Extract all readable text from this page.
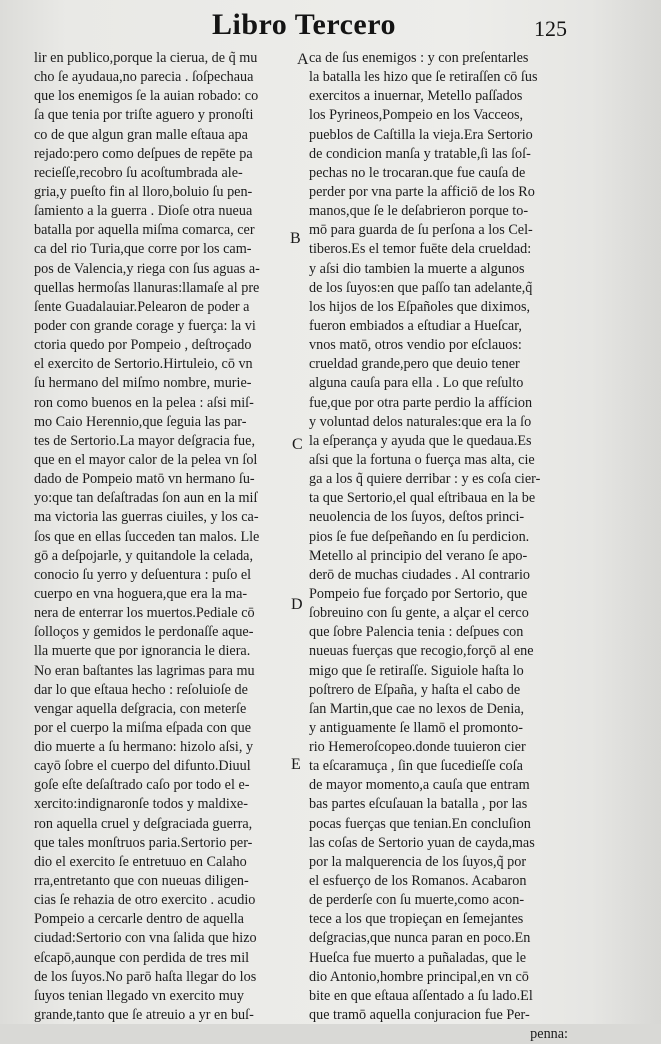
Libro Tercero	125
lir en publico,porque la cierua, de q̃ mu
cho ſe ayudaua,no parecia . ſoſpechaua
que los enemigos ſe la auian robado: co
ſa que tenia por triſte aguero y pronoſti
co de que algun gran malle eſtaua apa
rejado:pero como deſpues de repēte pa
recieſſe,recobro ſu acoſtumbrada ale-
gria,y pueſto fin al lloro,boluio ſu pen-
ſamiento a la guerra . Dioſe otra nueua
batalla por aquella miſma comarca, cer
ca del rio Turia,que corre por los cam-
pos de Valencia,y riega con ſus aguas a-
quellas hermoſas llanuras:llamaſe al pre
ſente Guadalauiar.Pelearon de poder a
poder con grande corage y fuerça: la vi
ctoria quedo por Pompeio , deſtroçado
el exercito de Sertorio.Hirtuleio, cō vn
ſu hermano del miſmo nombre, murie-
ron como buenos en la pelea : aſsi miſ-
mo Caio Herennio,que ſeguia las par-
tes de Sertorio.La mayor deſgracia fue,
que en el mayor calor de la pelea vn ſol
dado de Pompeio matō vn hermano ſu-
yo:que tan deſaſtradas ſon aun en la miſ
ma victoria las guerras ciuiles, y los ca-
ſos que en ellas ſucceden tan malos. Lle
gō a deſpojarle, y quitandole la celada,
conocio ſu yerro y deſuentura : puſo el
cuerpo en vna hoguera,que era la ma-
nera de enterrar los muertos.Pediale cō
ſolloços y gemidos le perdonaſſe aque-
lla muerte que por ignorancia le diera.
No eran baſtantes las lagrimas para mu
dar lo que eſtaua hecho : reſoluioſe de
vengar aquella deſgracia, con meterſe
por el cuerpo la miſma eſpada con que
dio muerte a ſu hermano: hizolo aſsi, y
cayō ſobre el cuerpo del difunto.Diuul
goſe eſte deſaſtrado caſo por todo el e-
xercito:indignaronſe todos y maldixe-
ron aquella cruel y deſgraciada guerra,
que tales monſtruos paria.Sertorio per-
dio el exercito ſe entretuuo en Calaho
rra,entretanto que con nueuas diligen-
cias ſe rehazia de otro exercito . acudio
Pompeio a cercarle dentro de aquella
ciudad:Sertorio con vna ſalida que hizo
eſcapō,aunque con perdida de tres mil
de los ſuyos.No parō haſta llegar do los
ſuyos tenian llegado vn exercito muy
grande,tanto que ſe atreuio a yr en buſ-
ca de ſus enemigos : y con preſentarles
la batalla les hizo que ſe retiraſſen cō ſus
exercitos a inuernar, Metello paſſados
los Pyrineos,Pompeio en los Vacceos,
pueblos de Caſtilla la vieja.Era Sertorio
de condicion manſa y tratable,ſi las ſoſ-
pechas no le trocaran.que fue cauſa de
perder por vna parte la afficiō de los Ro
manos,que ſe le deſabrieron porque to-
mō para guarda de ſu perſona a los Cel-
tiberos.Es el temor fuēte dela crueldad:
y aſsi dio tambien la muerte a algunos
de los ſuyos:en que paſſo tan adelante,q̃
los hijos de los Eſpañoles que diximos,
fueron embiados a eſtudiar a Hueſcar,
vnos matō, otros vendio por eſclauos:
crueldad grande,pero que deuio tener
alguna cauſa para ella . Lo que reſulto
fue,que por otra parte perdio la affícion
y voluntad delos naturales:que era la ſo
la eſperança y ayuda que le quedaua.Es
aſsi que la fortuna o fuerça mas alta, cie
ga a los q̃ quiere derribar : y es coſa cier-
ta que Sertorio,el qual eſtribaua en la be
neuolencia de los ſuyos, deſtos princi-
pios ſe fue deſpeñando en ſu perdicion.
Metello al principio del verano ſe apo-
derō de muchas ciudades . Al contrario
Pompeio fue forçado por Sertorio, que
ſobreuino con ſu gente, a alçar el cerco
que ſobre Palencia tenia : deſpues con
nueuas fuerças que recogio,forçō al ene
migo que ſe retiraſſe. Siguiole haſta lo
poſtrero de Eſpaña, y haſta el cabo de
ſan Martin,que cae no lexos de Denia,
y antiguamente ſe llamō el promonto-
rio Hemeroſcopeo.donde tuuieron cier
ta eſcaramuça , ſin que ſucedieſſe coſa
de mayor momento,a cauſa que entram
bas partes eſcuſauan la batalla , por las
pocas fuerças que tenian.En concluſion
las coſas de Sertorio yuan de cayda,mas
por la malquerencia de los ſuyos,q̃ por
el esfuerço de los Romanos. Acabaron
de perderſe con ſu muerte,como acon-
tece a los que tropieçan en ſemejantes
deſgracias,que nunca paran en poco.En
Hueſca fue muerto a puñaladas, que le
dio Antonio,hombre principal,en vn cō
bite en que eſtaua aſſentado a ſu lado.El
que tramō aquella conjuracion fue Per-
penna:
A
B
C
D
E
